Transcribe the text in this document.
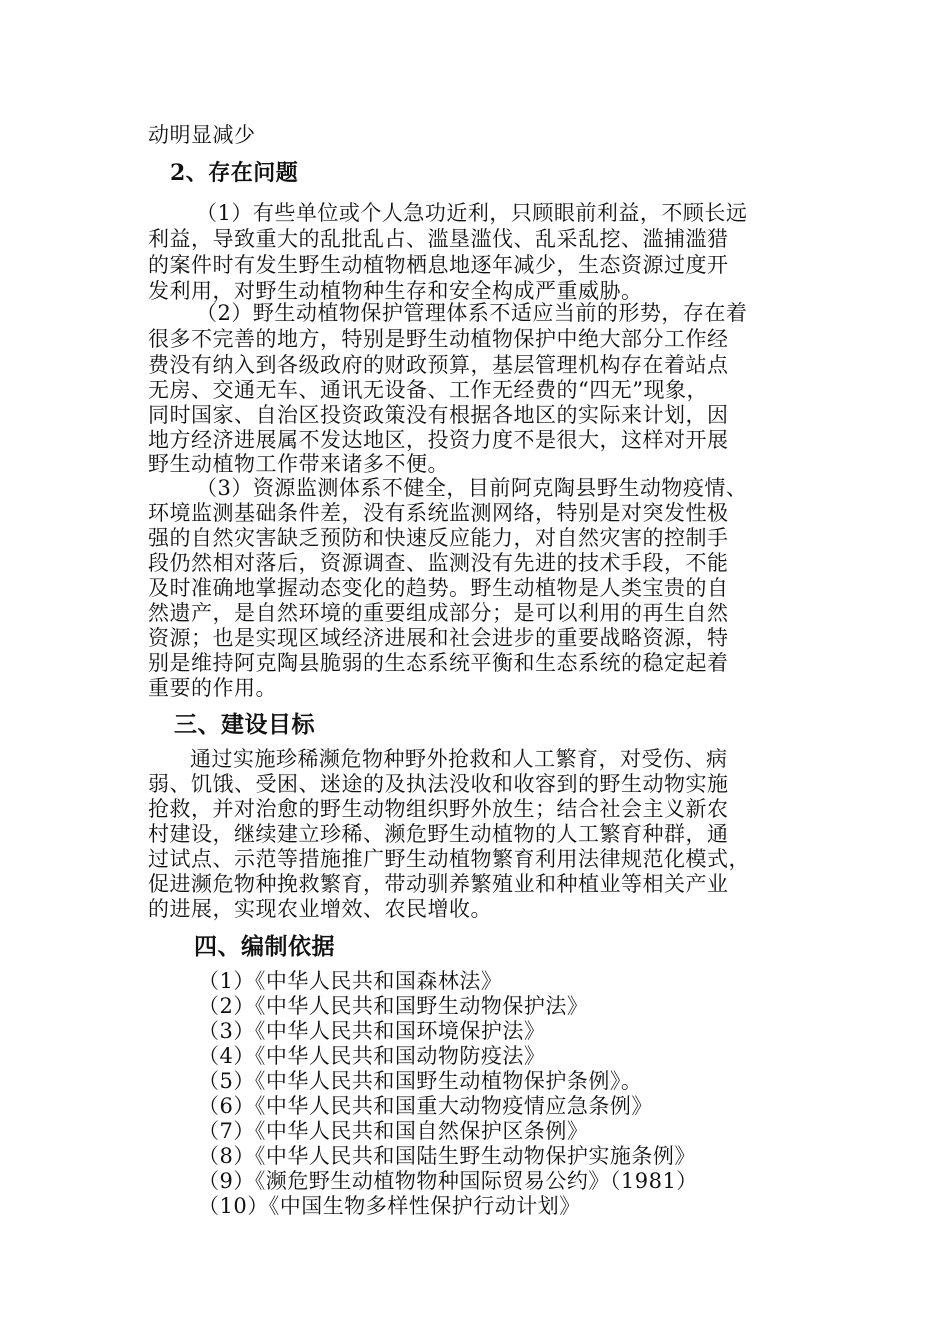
动明显减少
2、存在问题
（1）有些单位或个人急功近利，只顾眼前利益，不顾长远
利益，导致重大的乱批乱占、滥垦滥伐、乱采乱挖、滥捕滥猎
的案件时有发生野生动植物栖息地逐年减少，生态资源过度开
发利用，对野生动植物种生存和安全构成严重威胁。
（2）野生动植物保护管理体系不适应当前的形势，存在着
很多不完善的地方，特别是野生动植物保护中绝大部分工作经
费没有纳入到各级政府的财政预算，基层管理机构存在着站点
无房、交通无车、通讯无设备、工作无经费的“四无”现象，
同时国家、自治区投资政策没有根据各地区的实际来计划，因
地方经济进展属不发达地区，投资力度不是很大，这样对开展
野生动植物工作带来诸多不便。
（3）资源监测体系不健全，目前阿克陶县野生动物疫情、
环境监测基础条件差，没有系统监测网络，特别是对突发性极
强的自然灾害缺乏预防和快速反应能力，对自然灾害的控制手
段仍然相对落后，资源调查、监测没有先进的技术手段，不能
及时准确地掌握动态变化的趋势。野生动植物是人类宝贵的自
然遗产，是自然环境的重要组成部分；是可以利用的再生自然
资源；也是实现区域经济进展和社会进步的重要战略资源，特
别是维持阿克陶县脆弱的生态系统平衡和生态系统的稳定起着
重要的作用。
三、建设目标
通过实施珍稀濒危物种野外抢救和人工繁育，对受伤、病
弱、饥饿、受困、迷途的及执法没收和收容到的野生动物实施
抢救，并对治愈的野生动物组织野外放生；结合社会主义新农
村建设，继续建立珍稀、濒危野生动植物的人工繁育种群，通
过试点、示范等措施推广野生动植物繁育利用法律规范化模式，
促进濒危物种挽救繁育，带动驯养繁殖业和种植业等相关产业
的进展，实现农业增效、农民增收。
四、编制依据
（1）《中华人民共和国森林法》
（2）《中华人民共和国野生动物保护法》
（3）《中华人民共和国环境保护法》
（4）《中华人民共和国动物防疫法》
（5）《中华人民共和国野生动植物保护条例》。
（6）《中华人民共和国重大动物疫情应急条例》
（7）《中华人民共和国自然保护区条例》
（8）《中华人民共和国陆生野生动物保护实施条例》
（9）《濒危野生动植物物种国际贸易公约》（1981）
（10）《中国生物多样性保护行动计划》
